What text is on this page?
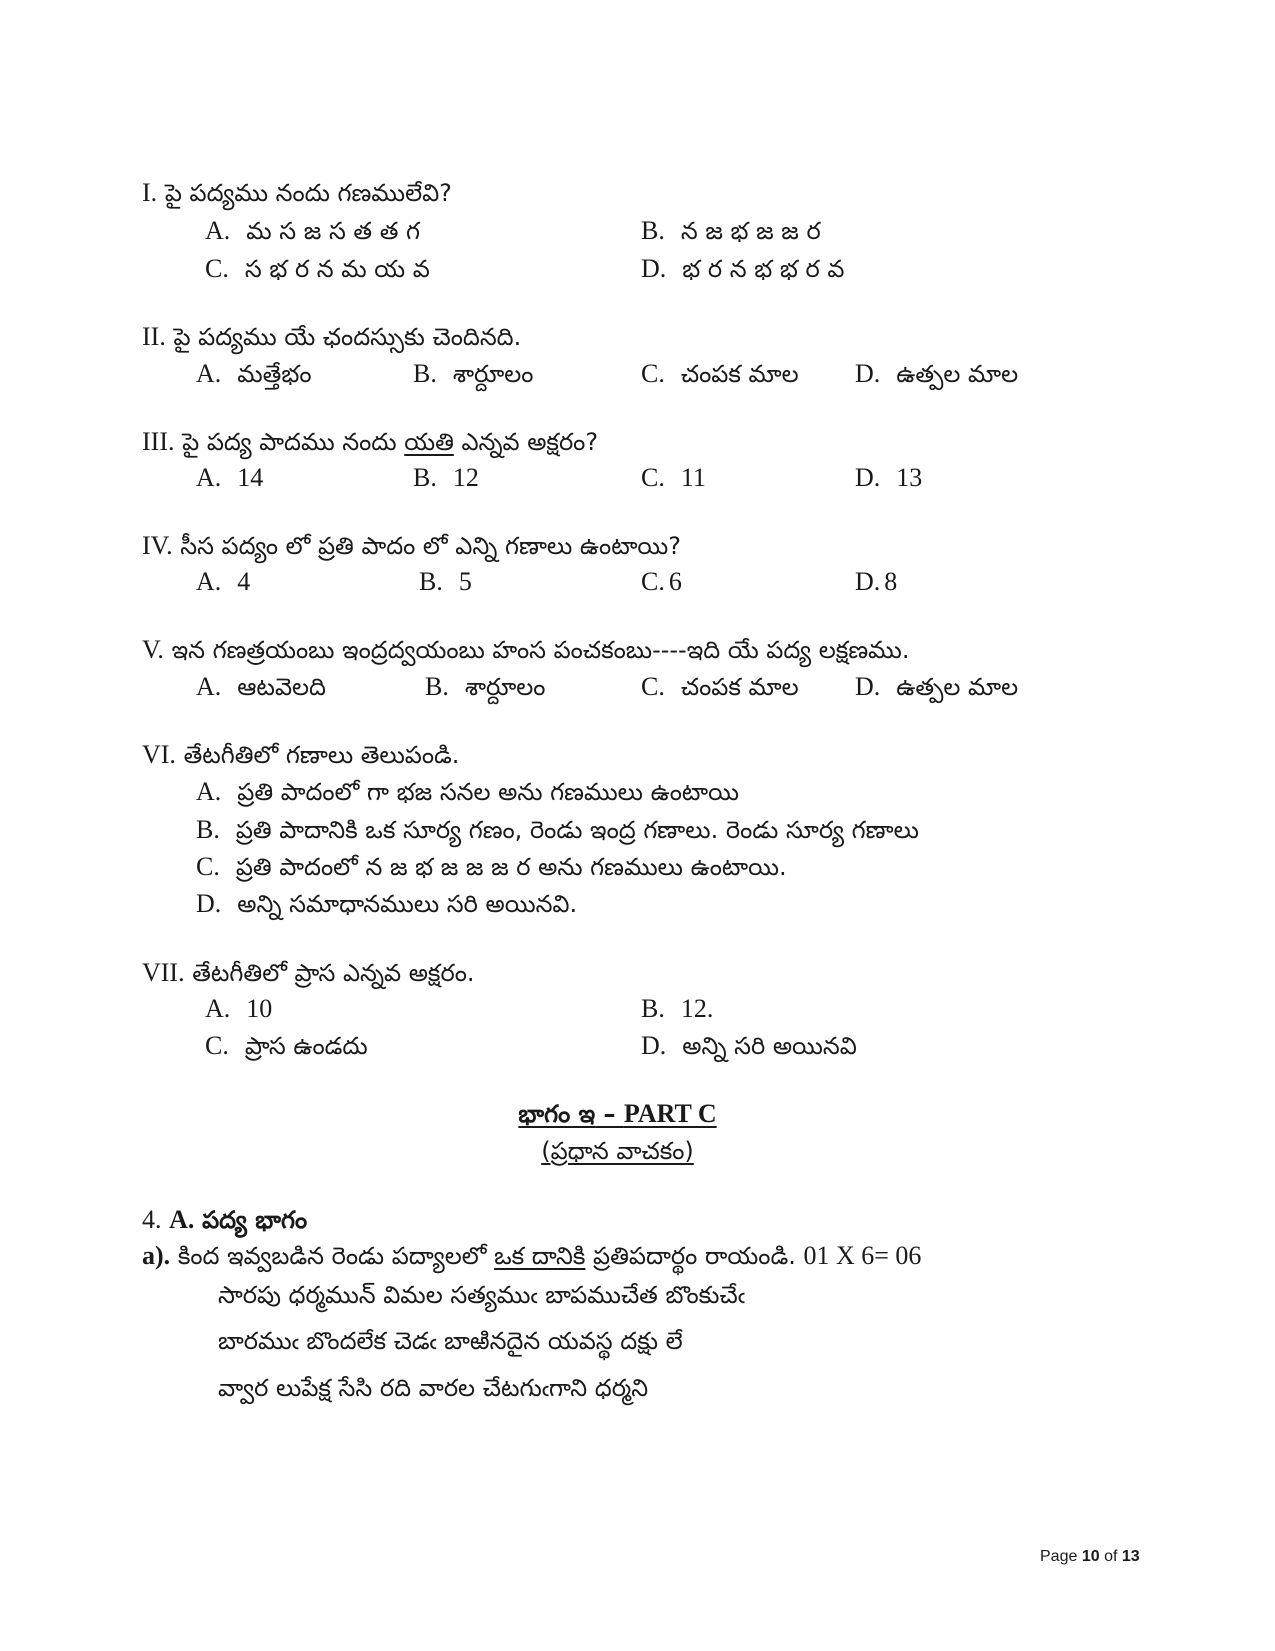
I. పై పద్యము నందు గణములేవి?
A. మ స జ స త త గ	B. న జ భ జ జ ర
C. స భ ర న మ య వ	D. భ ర న భ భ ర వ
II. పై పద్యము యే ఛందస్సుకు చెందినది.
A. మత్తేభం	B. శార్దూలం	C. చంపక మాల D. ఉత్పల మాల
III. పై పద్య పాదము నందు యతి ఎన్నవ అక్షరం?
A. 14	B. 12	C. 11	D. 13
IV. సీస పద్యం లో ప్రతి పాదం లో ఎన్ని గణాలు ఉంటాయి?
A. 4	B. 5	C. 6	D. 8
V. ఇన గణత్రయంబు ఇంద్రద్వయంబు హంస పంచకంబు----ఇది యే పద్య లక్షణము.
A. ఆటవెలది	B. శార్దూలం	C. చంపక మాల D. ఉత్పల మాల
VI. తేటగీతిలో గణాలు తెలుపండి.
A. ప్రతి పాదంలో గా భజ సనల అను గణములు ఉంటాయి
B. ప్రతి పాదానికి ఒక సూర్య గణం, రెండు ఇంద్ర గణాలు. రెండు సూర్య గణాలు
C. ప్రతి పాదంలో న జ భ జ జ జ ర అను గణములు ఉంటాయి.
D. అన్ని సమాధానములు సరి అయినవి.
VII. తేటగీతిలో ప్రాస ఎన్నవ అక్షరం.
A. 10	B. 12.
C. ప్రాస ఉండదు	D. అన్ని సరి అయినవి
భాగం ఇ – PART C
(ప్రధాన వాచకం)
4. A. పద్య భాగం
a). కింద ఇవ్వబడిన రెండు పద్యాలలో ఒక దానికి ప్రతిపదార్థం రాయండి. 01 X 6= 06
సారపు ధర్మమున్ విమల సత్యముఁ బాపముచేత బొంకుచేఁ
బారముఁ బొందలేక చెడఁ బాఱినదైన యవస్థ దక్షు లే
వ్వార లుపేక్ష సేసి రది వారల చేటగుఁగాని ధర్మని
Page 10 of 13
